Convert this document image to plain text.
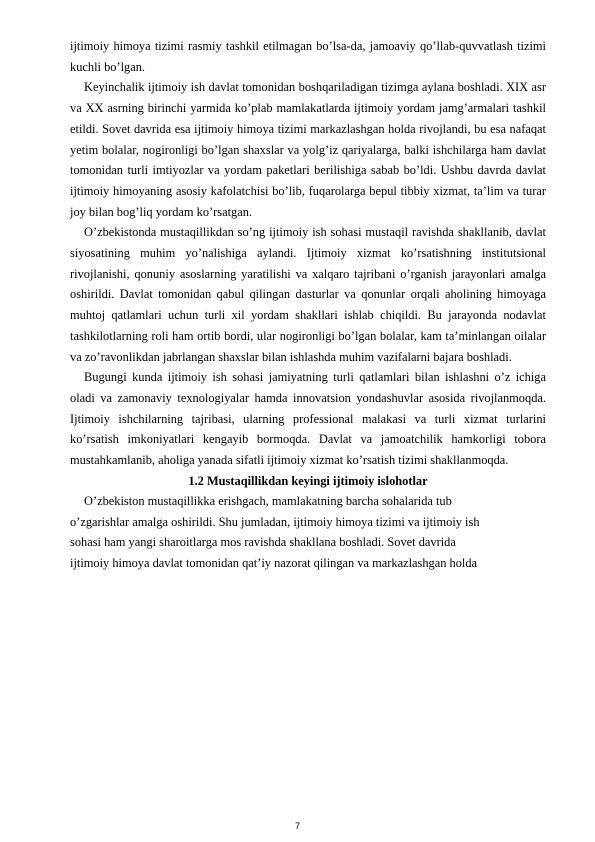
ijtimoiy himoya tizimi rasmiy tashkil etilmagan bo’lsa-da, jamoaviy qo’llab-quvvatlash tizimi kuchli bo’lgan.

Keyinchalik ijtimoiy ish davlat tomonidan boshqariladigan tizimga aylana boshladi. XIX asr va XX asrning birinchi yarmida ko’plab mamlakatlarda ijtimoiy yordam jamg’armalari tashkil etildi. Sovet davrida esa ijtimoiy himoya tizimi markazlashgan holda rivojlandi, bu esa nafaqat yetim bolalar, nogironligi bo’lgan shaxslar va yolg’iz qariyalarga, balki ishchilarga ham davlat tomonidan turli imtiyozlar va yordam paketlari berilishiga sabab bo’ldi. Ushbu davrda davlat ijtimoiy himoyaning asosiy kafolatchisi bo’lib, fuqarolarga bepul tibbiy xizmat, ta’lim va turar joy bilan bog’liq yordam ko’rsatgan.

O’zbekistonda mustaqillikdan so’ng ijtimoiy ish sohasi mustaqil ravishda shakllanib, davlat siyosatining muhim yo’nalishiga aylandi. Ijtimoiy xizmat ko’rsatishning institutsional rivojlanishi, qonuniy asoslarning yaratilishi va xalqaro tajribani o’rganish jarayonlari amalga oshirildi. Davlat tomonidan qabul qilingan dasturlar va qonunlar orqali aholining himoyaga muhtoj qatlamlari uchun turli xil yordam shakllari ishlab chiqildi. Bu jarayonda nodavlat tashkilotlarning roli ham ortib bordi, ular nogironligi bo’lgan bolalar, kam ta’minlangan oilalar va zo’ravonlikdan jabrlangan shaxslar bilan ishlashda muhim vazifalarni bajara boshladi.

Bugungi kunda ijtimoiy ish sohasi jamiyatning turli qatlamlari bilan ishlashni o’z ichiga oladi va zamonaviy texnologiyalar hamda innovatsion yondashuvlar asosida rivojlanmoqda. Ijtimoiy ishchilarning tajribasi, ularning professional malakasi va turli xizmat turlarini ko’rsatish imkoniyatlari kengayib bormoqda. Davlat va jamoatchilik hamkorligi tobora mustahkamlanib, aholiga yanada sifatli ijtimoiy xizmat ko’rsatish tizimi shakllanmoqda.

1.2 Mustaqillikdan keyingi ijtimoiy islohotlar
O’zbekiston mustaqillikka erishgach, mamlakatning barcha sohalarida tub
o’zgarishlar amalga oshirildi. Shu jumladan, ijtimoiy himoya tizimi va ijtimoiy ish
sohasi ham yangi sharoitlarga mos ravishda shakllana boshladi. Sovet davrida
ijtimoiy himoya davlat tomonidan qat’iy nazorat qilingan va markazlashgan holda
7
